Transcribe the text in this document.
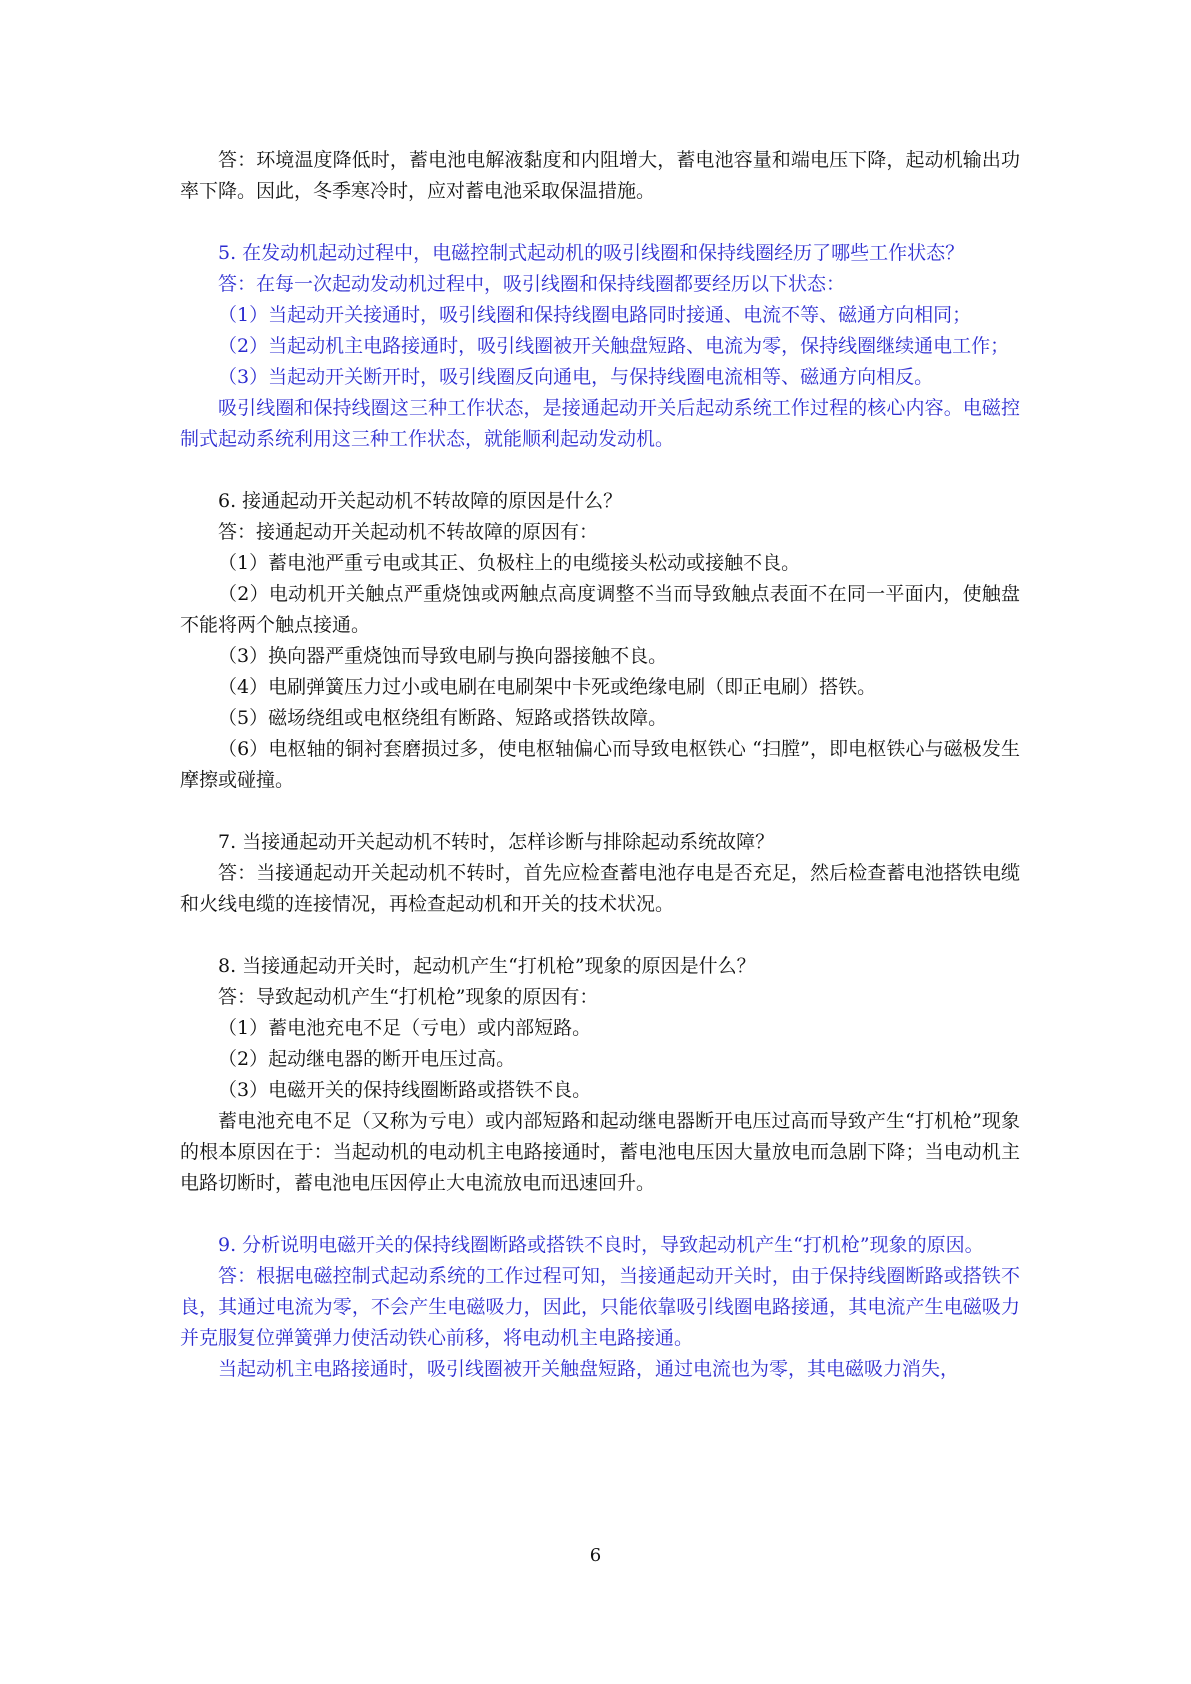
答：环境温度降低时，蓄电池电解液黏度和内阻增大，蓄电池容量和端电压下降，起动机输出功率下降。因此，冬季寒冷时，应对蓄电池采取保温措施。

5. 在发动机起动过程中，电磁控制式起动机的吸引线圈和保持线圈经历了哪些工作状态？

答：在每一次起动发动机过程中，吸引线圈和保持线圈都要经历以下状态：

（1）当起动开关接通时，吸引线圈和保持线圈电路同时接通、电流不等、磁通方向相同；

（2）当起动机主电路接通时，吸引线圈被开关触盘短路、电流为零，保持线圈继续通电工作；

（3）当起动开关断开时，吸引线圈反向通电，与保持线圈电流相等、磁通方向相反。

吸引线圈和保持线圈这三种工作状态，是接通起动开关后起动系统工作过程的核心内容。电磁控制式起动系统利用这三种工作状态，就能顺利起动发动机。

6. 接通起动开关起动机不转故障的原因是什么？

答：接通起动开关起动机不转故障的原因有：

（1）蓄电池严重亏电或其正、负极柱上的电缆接头松动或接触不良。

（2）电动机开关触点严重烧蚀或两触点高度调整不当而导致触点表面不在同一平面内，使触盘不能将两个触点接通。

（3）换向器严重烧蚀而导致电刷与换向器接触不良。

（4）电刷弹簧压力过小或电刷在电刷架中卡死或绝缘电刷（即正电刷）搭铁。

（5）磁场绕组或电枢绕组有断路、短路或搭铁故障。

（6）电枢轴的铜衬套磨损过多，使电枢轴偏心而导致电枢铁心 “扫膛”，即电枢铁心与磁极发生摩擦或碰撞。

7. 当接通起动开关起动机不转时，怎样诊断与排除起动系统故障？

答：当接通起动开关起动机不转时，首先应检查蓄电池存电是否充足，然后检查蓄电池搭铁电缆和火线电缆的连接情况，再检查起动机和开关的技术状况。

8. 当接通起动开关时，起动机产生“打机枪”现象的原因是什么？

答：导致起动机产生“打机枪”现象的原因有：

（1）蓄电池充电不足（亏电）或内部短路。

（2）起动继电器的断开电压过高。

（3）电磁开关的保持线圈断路或搭铁不良。

蓄电池充电不足（又称为亏电）或内部短路和起动继电器断开电压过高而导致产生“打机枪”现象的根本原因在于：当起动机的电动机主电路接通时，蓄电池电压因大量放电而急剧下降；当电动机主电路切断时，蓄电池电压因停止大电流放电而迅速回升。

9. 分析说明电磁开关的保持线圈断路或搭铁不良时，导致起动机产生“打机枪”现象的原因。

答：根据电磁控制式起动系统的工作过程可知，当接通起动开关时，由于保持线圈断路或搭铁不良，其通过电流为零，不会产生电磁吸力，因此，只能依靠吸引线圈电路接通，其电流产生电磁吸力并克服复位弹簧弹力使活动铁心前移，将电动机主电路接通。

当起动机主电路接通时，吸引线圈被开关触盘短路，通过电流也为零，其电磁吸力消失，

6
